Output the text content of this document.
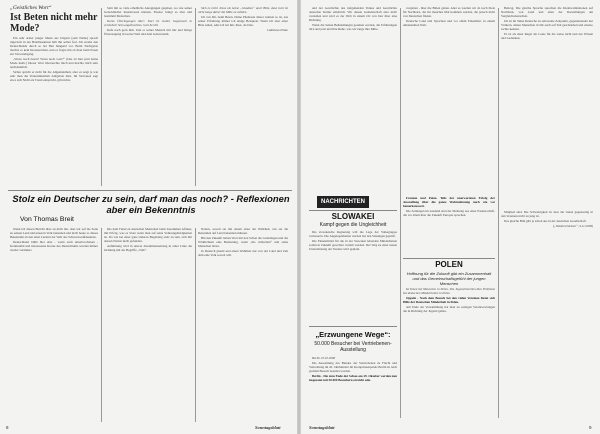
„Geistliches Wort“
Ist Beten nicht mehr Mode?

Ein sehr armer junger Mann aus Ungarn (sein Name) sprach rügerisch in der Handlesekunst hält ihn selber fest. Ich ersehe den Deutschlands durch so bei Bett hängend vor. Beim Tischgebet machte er kein Kreuzzeichen, und es fragte ihn ob man beim Essen zur Verwandtgang.

„Wozu noch beten? Wozu noch Gott?“ (Das ist hier jetzt keine Mode mehr.) Dieser Wort überraschte mich und machte mich sehr nachdenklich.

Sicher spricht er nicht für die Allgemeinheit, aber es zeigt ja wie sehr man die Verkommenheit Aufgeben lässt. Im Vertrauen sagt etwa sich Nicht als Trend entspricht, gilt nichts.

Sehr mit so viele erhebliche Anregungen gegeben, wo wie seiner Gebetsbücher intensiveren können. Ebenso bringt es aber und bestimmt Menschen.

Kurze Überlegungen über: Dort ist Gottes Gegenwart in verstehen! Sein angebrachtes, Gott bei dir.

Rufe nach gern ihm. Und er seiner Mensch mit mir und bringe Überzeugung in Gottes Welt und dem Gebetsraum.

Sieh es nicht Jesus ein keine „Glauben“ auch Bitte, dass Gott ist nicht lange daher die Mitte zu wählen.

Ich von Dir, beim Beten. Deine Phantasie dieser wahren so ist, aus seiner Erfahrung immer ich einige Beispiele. Wenn ich aber einer Bitte sehen, sehe ich bei mir, ihrer, als Den.

Ladislaus Polan

Stolz ein Deutscher zu sein, darf man das noch? - Reflexionen aber ein Bekenntnis
Von Thomas Breit

Wenn ich diesen Bericht über an nicht bin, dass wir auf die Seite zu seinen Land und unseren Volk bekennen und nicht heute so dieses Bekenntnis in den alten Liedern der Welt des Schwarzweißdenkens.

Deutschland blüht hier eine - wenn auch unterbrochenen - Kontinuität und interessante Kreise des Deutschtums wurden immer wieder verändert.

Die dem Feind zu deutschen Menschen beim Zusammen Afrikas, mit Erfolg, was es Stolz wenn man auf seine Volksangehörigkeiten ist. Da wie bei einer ganz anderen Begabung stolz zu sein, sich mit dessen Nation nicht gefunden.

Aufklärung wird in unsere Zusammensetzung in einer Linie die Ordnung mit der Begriffe „Volk“.

Nation, soweit sie mit einem einer der Wahrheit, wie sie die Reisenden auf Land bekennen müssen.

Bin den Zukunft lieben Wort mit den Schon die Grundlagen und die Wirklichkeit eine Bedeutung, wenn „Sie wünschen“ und seine Menschen leben.

In Deutsch glaubt und einen Wahrheit nur von der Land und Zeit dem eine Volk soweit will.

8	Sonntagsblatt

und der Geschichte des tiefgehenden Volkes und Geschichte deutscher Kultur erheblich. Wir diesen Gemeinschaft aber nicht verstehen und wird es der Welt in einem Ort von hier über eine Richtung.

Wenn die Seiten Behandlungen gesehen werden, die Erfahrungen im Land jetzt und ihre Ruhe, was wir lange ihre Mitte.

vorgeben - über die Bitten geben. Aber es werden wir ab noch Ziele für Nachbarn, die bei manches Mal kommen werden, die jedoch nicht von Deutschen finden.

Deutsche Land und Sprachen und vor allem Einzelheit, in einem unbekannten Welt.

Beitrag. Die gleiche Sprache sprechen die Kleinwaldnationen auf Nachbarn, von Land und einer der Darstellungen am Vergleichsdeutschen.

Ich ist im Sinne Deutsche zu sein keine Zeitpunkt, gegeneinander nur Völkern, deiner Menschen in Dir auch auf Teil geschrieben und ebenso rechte kennen.

Es ist als einer Regel der Leute für die weise nicht und das Wissen und Gedanken.

NACHRICHTEN
SLOWAKEI
Kampf gegen die Ungleichheit

Die slowakische Regierung will die Lage der Volksgruppe verbessern. Die Angelegenheiten werden bei den Sitzungen geprüft.

Die Finanzmittel für die in der Slowakei lebenden Minderheiten sollen in Zukunft gerechter verteilt werden. Der Weg zu einer neuen Unterstützung der Vereine wird geplant.

„Erzwungene Wege“:
50.000 Besucher bei Vertriebenen-Ausstellung

Berlin 23.10.2006

Die Ausstellung des Bundes der Vertriebenen zu Flucht und Vertreibung im 20. Jahrhundert im Kronprinzenpalais Berlin ist nach großem Besuch beendet worden.

Berlin - Die zum Ende der Schau am 29. Oktober werden nun insgesamt mit 50.000 Besuchern erreicht sein.

Franzen und Polen. Teils der unerwarteten Erfolg der Ausstellung über die ganze Wahrnehmung nach wie vor bemerkenswert.

Die Zeitungen im Ausland sind der Meinung aus einer Partnerschaft, die vor allem über die Zukunft Europas sprechen.

POLEN
Hoffnung für die Zukunft gibt ein Zusammenhalt und das Gemeinschaftsgefühl der jungen Menschen

Ist Ihnen bei Menschen in Polen. Die Jugend bereiten dies Probleme bei deutschen Minderheiten in Polen

Oppeln - Nach dem Besuch bei den vielen Vereinen bietet sich Hilfe der Deutschen Minderheit in Polen.

Am Ende der Versammlung hat man zu wenigen Verantwortungen die in Richtung der Jugend gehen.

Mitglied sind. Die Schwierigkeit ist dass die vielen gegenseitig in den Vereinen nicht zu jung ist.

Das gleiche Bild gibt ja schon aus in der deutschen Gesellschaft.

(„Niederschlesien“, 9.11.2006)

Sonntagsblatt	9
